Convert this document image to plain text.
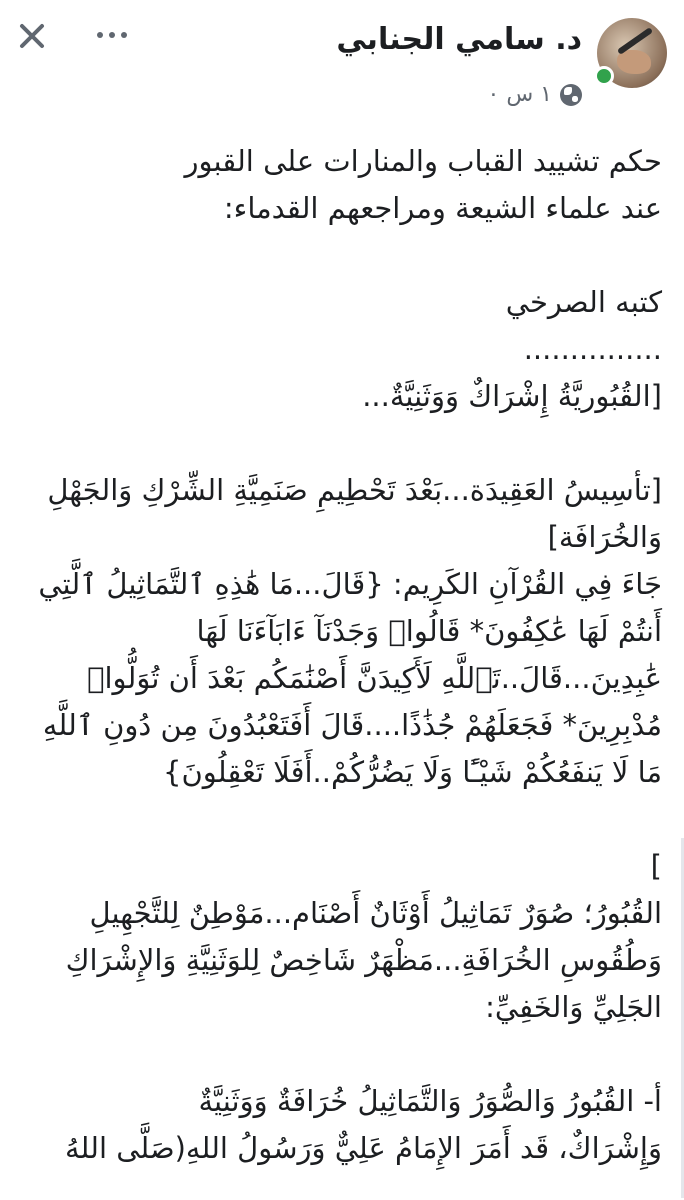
د. سامي الجنابي
١ س ٠

حكم تشييد القباب والمنارات على القبور

عند علماء الشيعة ومراجعهم القدماء:

كتبه الصرخي

...............

[القُبُوريَّةُ إِشْرَاكٌ وَوَثَنِيَّةٌ...

[تأسِيسُ العَقِيدَة...بَعْدَ تَحْطِيمِ صَنَمِيَّةِ الشِّرْكِ وَالجَهْلِ

وَالخُرَافَة]

جَاءَ فِي القُرْآنِ الكَرِيم: {قَالَ...مَا هَٰذِهِ ٱلتَّمَاثِيلُ ٱلَّتِي

أَنتُمْ لَهَا عَٰكِفُونَ* قَالُوا۟ وَجَدْنَآ ءَابَآءَنَا لَهَا

عَٰبِدِينَ...قَالَ..تَٱللَّهِ لَأَكِيدَنَّ أَصْنَٰمَكُم بَعْدَ أَن تُوَلُّوا۟

مُدْبِرِينَ* فَجَعَلَهُمْ جُذَٰذًا....قَالَ أَفَتَعْبُدُونَ مِن دُونِ ٱللَّهِ

مَا لَا يَنفَعُكُمْ شَيْـًٔا وَلَا يَضُرُّكُمْ..أَفَلَا تَعْقِلُونَ}

]

القُبُورُ؛ صُوَرٌ تَمَاثِيلُ أَوْثَانٌ أَصْنَام...مَوْطِنٌ لِلتَّجْهِيلِ

وَطُقُوسِ الخُرَافَةِ...مَظْهَرٌ شَاخِصٌ لِلوَثَنِيَّةِ وَالإِشْرَاكِ

الجَلِيِّ وَالخَفِيِّ:

أ- القُبُورُ وَالصُّوَرُ وَالتَّمَاثِيلُ خُرَافَةٌ وَوَثَنِيَّةٌ

وَإِشْرَاكٌ، قَد أَمَرَ الإِمَامُ عَلِيٌّ وَرَسُولُ اللهِ(صَلَّى اللهُ
